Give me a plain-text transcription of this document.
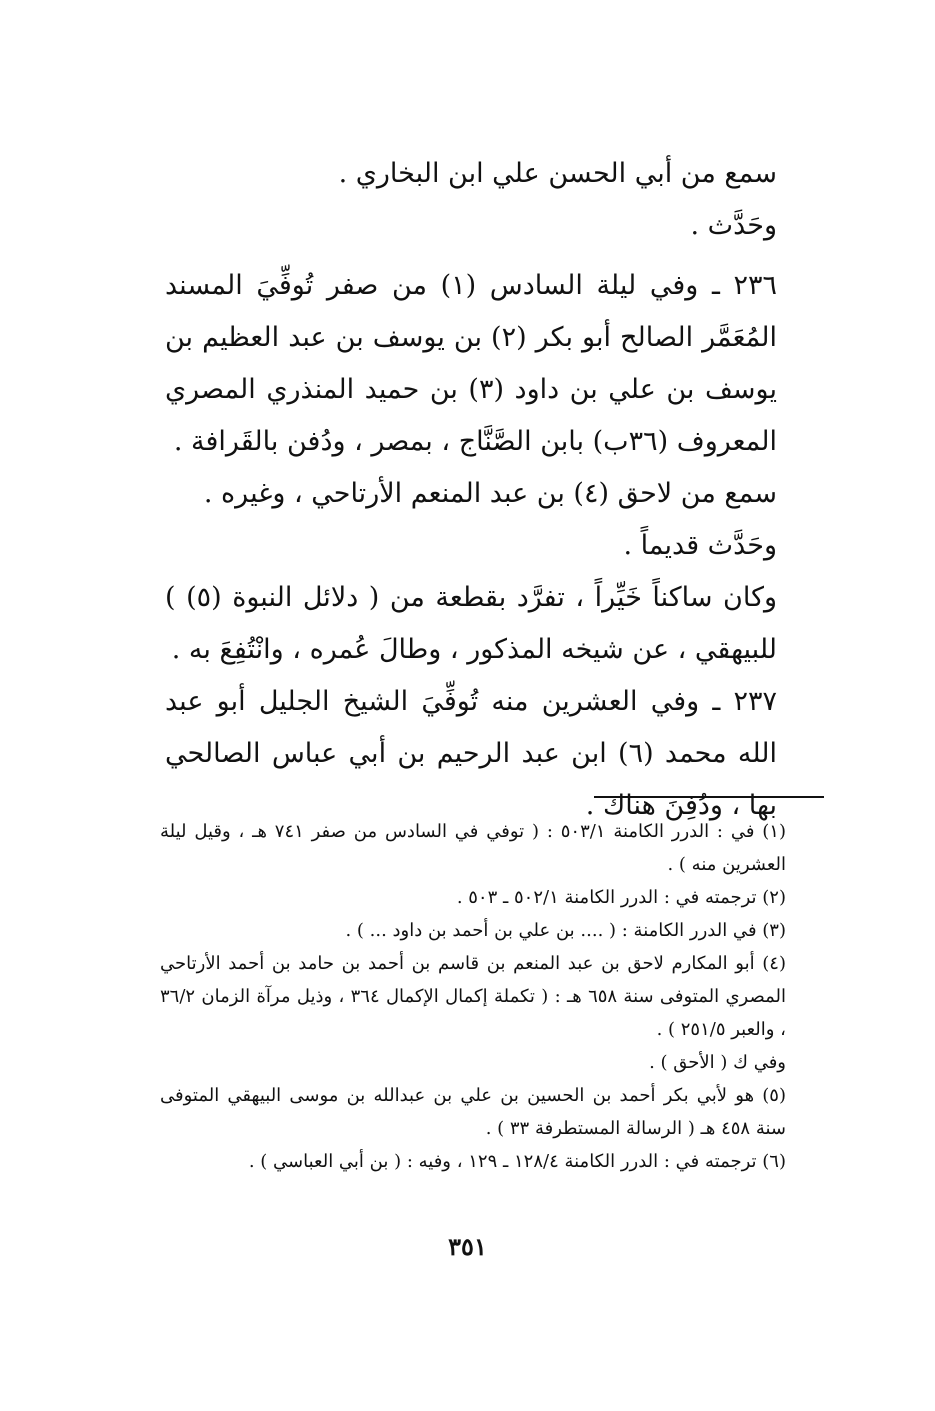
سمع من أبي الحسن علي ابن البخاري .

وحَدَّث .

٢٣٦ ـ وفي ليلة السادس (١) من صفر تُوفِّيَ المسند المُعَمَّر الصالح أبو بكر (٢) بن يوسف بن عبد العظيم بن يوسف بن علي بن داود (٣) بن حميد المنذري المصري المعروف (٣٦ب) بابن الصَّنَّاج ، بمصر ، ودُفن بالقَرافة .

سمع من لاحق (٤) بن عبد المنعم الأرتاحي ، وغيره .

وحَدَّث قديماً .

وكان ساكناً خَيِّراً ، تفرَّد بقطعة من ( دلائل النبوة (٥) ) للبيهقي ، عن شيخه المذكور ، وطالَ عُمره ، وانْتُفِعَ به .

٢٣٧ ـ وفي العشرين منه تُوفِّيَ الشيخ الجليل أبو عبد الله محمد (٦) ابن عبد الرحيم بن أبي عباس الصالحي بها ، ودُفِنَ هناك .

(١) في : الدرر الكامنة ٥٠٣/١ : ( توفي في السادس من صفر ٧٤١ هـ ، وقيل ليلة العشرين منه ) .

(٢) ترجمته في : الدرر الكامنة ٥٠٢/١ ـ ٥٠٣ .

(٣) في الدرر الكامنة : ( .... بن علي بن أحمد بن داود ... ) .

(٤) أبو المكارم لاحق بن عبد المنعم بن قاسم بن أحمد بن حامد بن أحمد الأرتاحي المصري المتوفى سنة ٦٥٨ هـ : ( تكملة إكمال الإكمال ٣٦٤ ، وذيل مرآة الزمان ٣٦/٢ ، والعبر ٢٥١/٥ ) .

وفي ك ( الأحق ) .

(٥) هو لأبي بكر أحمد بن الحسين بن علي بن عبدالله بن موسى البيهقي المتوفى سنة ٤٥٨ هـ ( الرسالة المستطرفة ٣٣ ) .

(٦) ترجمته في : الدرر الكامنة ١٢٨/٤ ـ ١٢٩ ، وفيه : ( بن أبي العباسي ) .

٣٥١
